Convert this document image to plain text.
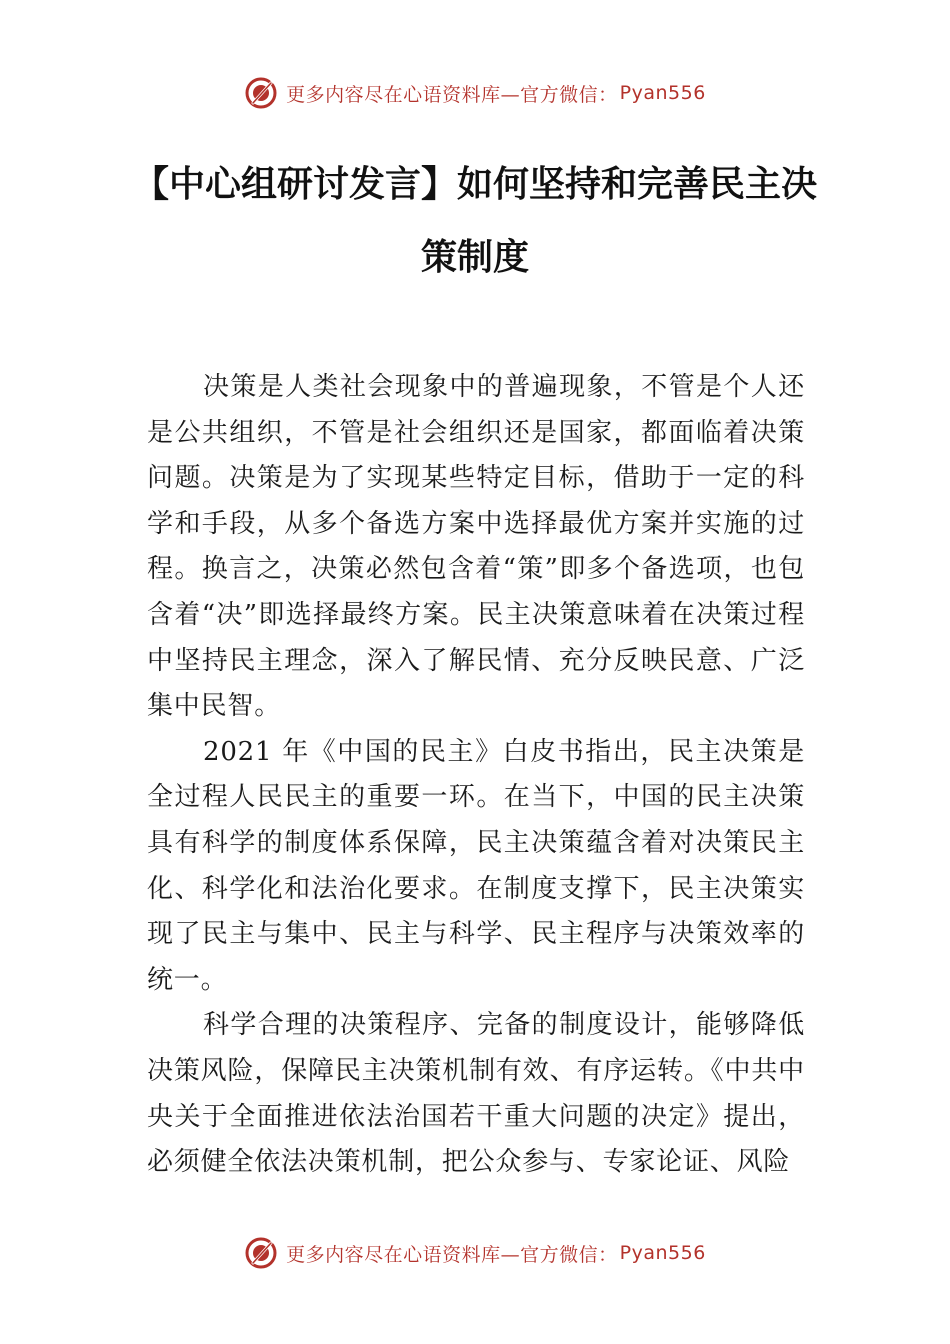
更多内容尽在心语资料库—官方微信： Pyan556
【中心组研讨发言】如何坚持和完善民主决
策制度

决策是人类社会现象中的普遍现象，不管是个人还是公共组织，不管是社会组织还是国家，都面临着决策问题。决策是为了实现某些特定目标，借助于一定的科学和手段，从多个备选方案中选择最优方案并实施的过程。换言之，决策必然包含着“策”即多个备选项，也包含着“决”即选择最终方案。民主决策意味着在决策过程中坚持民主理念，深入了解民情、充分反映民意、广泛集中民智。

2021 年《中国的民主》白皮书指出，民主决策是全过程人民民主的重要一环。在当下，中国的民主决策具有科学的制度体系保障，民主决策蕴含着对决策民主化、科学化和法治化要求。在制度支撑下，民主决策实现了民主与集中、民主与科学、民主程序与决策效率的统一。

科学合理的决策程序、完备的制度设计，能够降低决策风险，保障民主决策机制有效、有序运转。《中共中央关于全面推进依法治国若干重大问题的决定》提出，必须健全依法决策机制，把公众参与、专家论证、风险

更多内容尽在心语资料库—官方微信： Pyan556
